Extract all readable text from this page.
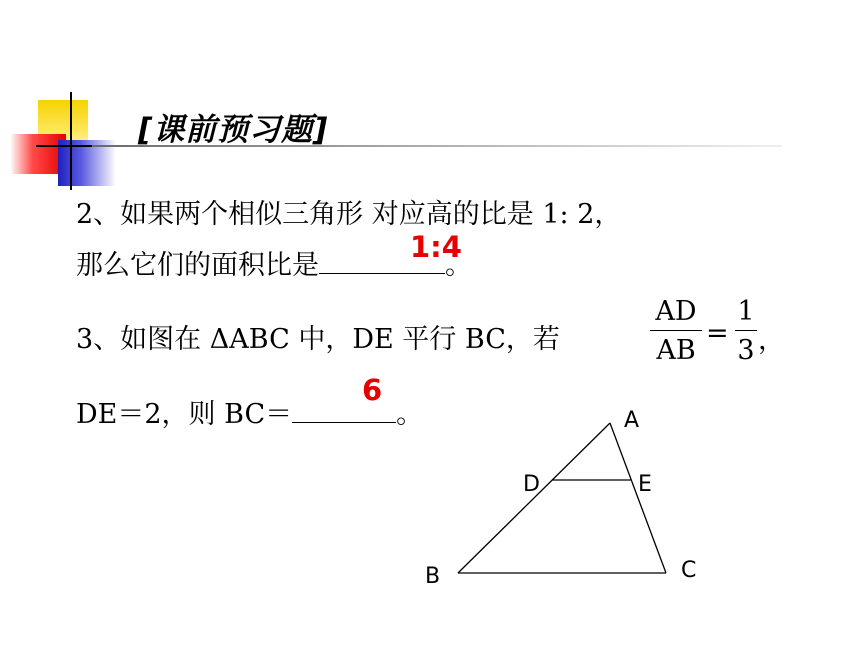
[课前预习题]
2、如果两个相似三角形 对应高的比是 1: 2，
那么它们的面积比是	。
1:4
3、如图在 ΔABC 中，DE 平行 BC，若
AD
AB
=
1
3 ，
DE＝2，则 BC＝	。
6
A
D	E
B	C
